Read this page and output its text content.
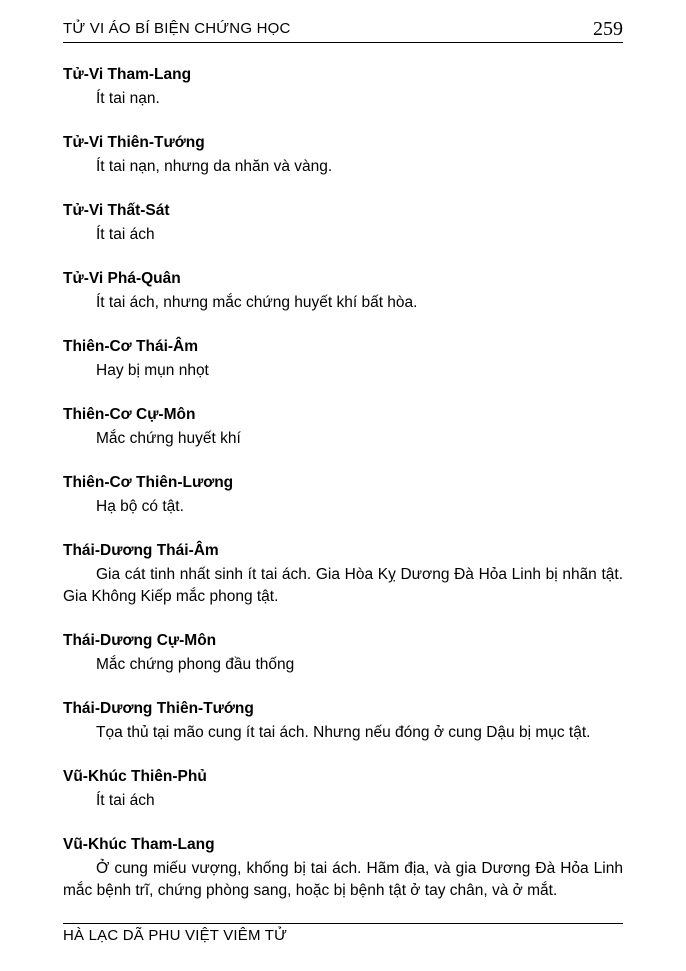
TỬ VI ÁO BÍ BIỆN CHỨNG HỌC	259
Tử-Vi Tham-Lang

Ít tai nạn.

Tử-Vi Thiên-Tướng

Ít tai nạn, nhưng da nhăn và vàng.

Tử-Vi Thất-Sát

Ít tai ách

Tử-Vi Phá-Quân

Ít tai ách, nhưng mắc chứng huyết khí bất hòa.

Thiên-Cơ Thái-Âm

Hay bị mụn nhọt

Thiên-Cơ Cự-Môn

Mắc chứng huyết khí

Thiên-Cơ Thiên-Lương

Hạ bộ có tật.

Thái-Dương Thái-Âm

Gia cát tinh nhất sinh ít tai ách. Gia Hòa Kỵ Dương Đà Hỏa Linh bị nhãn tật. Gia Không Kiếp mắc phong tật.

Thái-Dương Cự-Môn

Mắc chứng phong đầu thống

Thái-Dương Thiên-Tướng

Tọa thủ tại mão cung ít tai ách. Nhưng nếu đóng ở cung Dậu bị mục tật.

Vũ-Khúc Thiên-Phủ

Ít tai ách

Vũ-Khúc Tham-Lang

Ở cung miếu vượng, khống bị tai ách. Hãm địa, và gia Dương Đà Hỏa Linh mắc bệnh trĩ, chứng phòng sang, hoặc bị bệnh tật ở tay chân, và ở mắt.

HÀ LẠC DÃ PHU VIỆT VIÊM TỬ
